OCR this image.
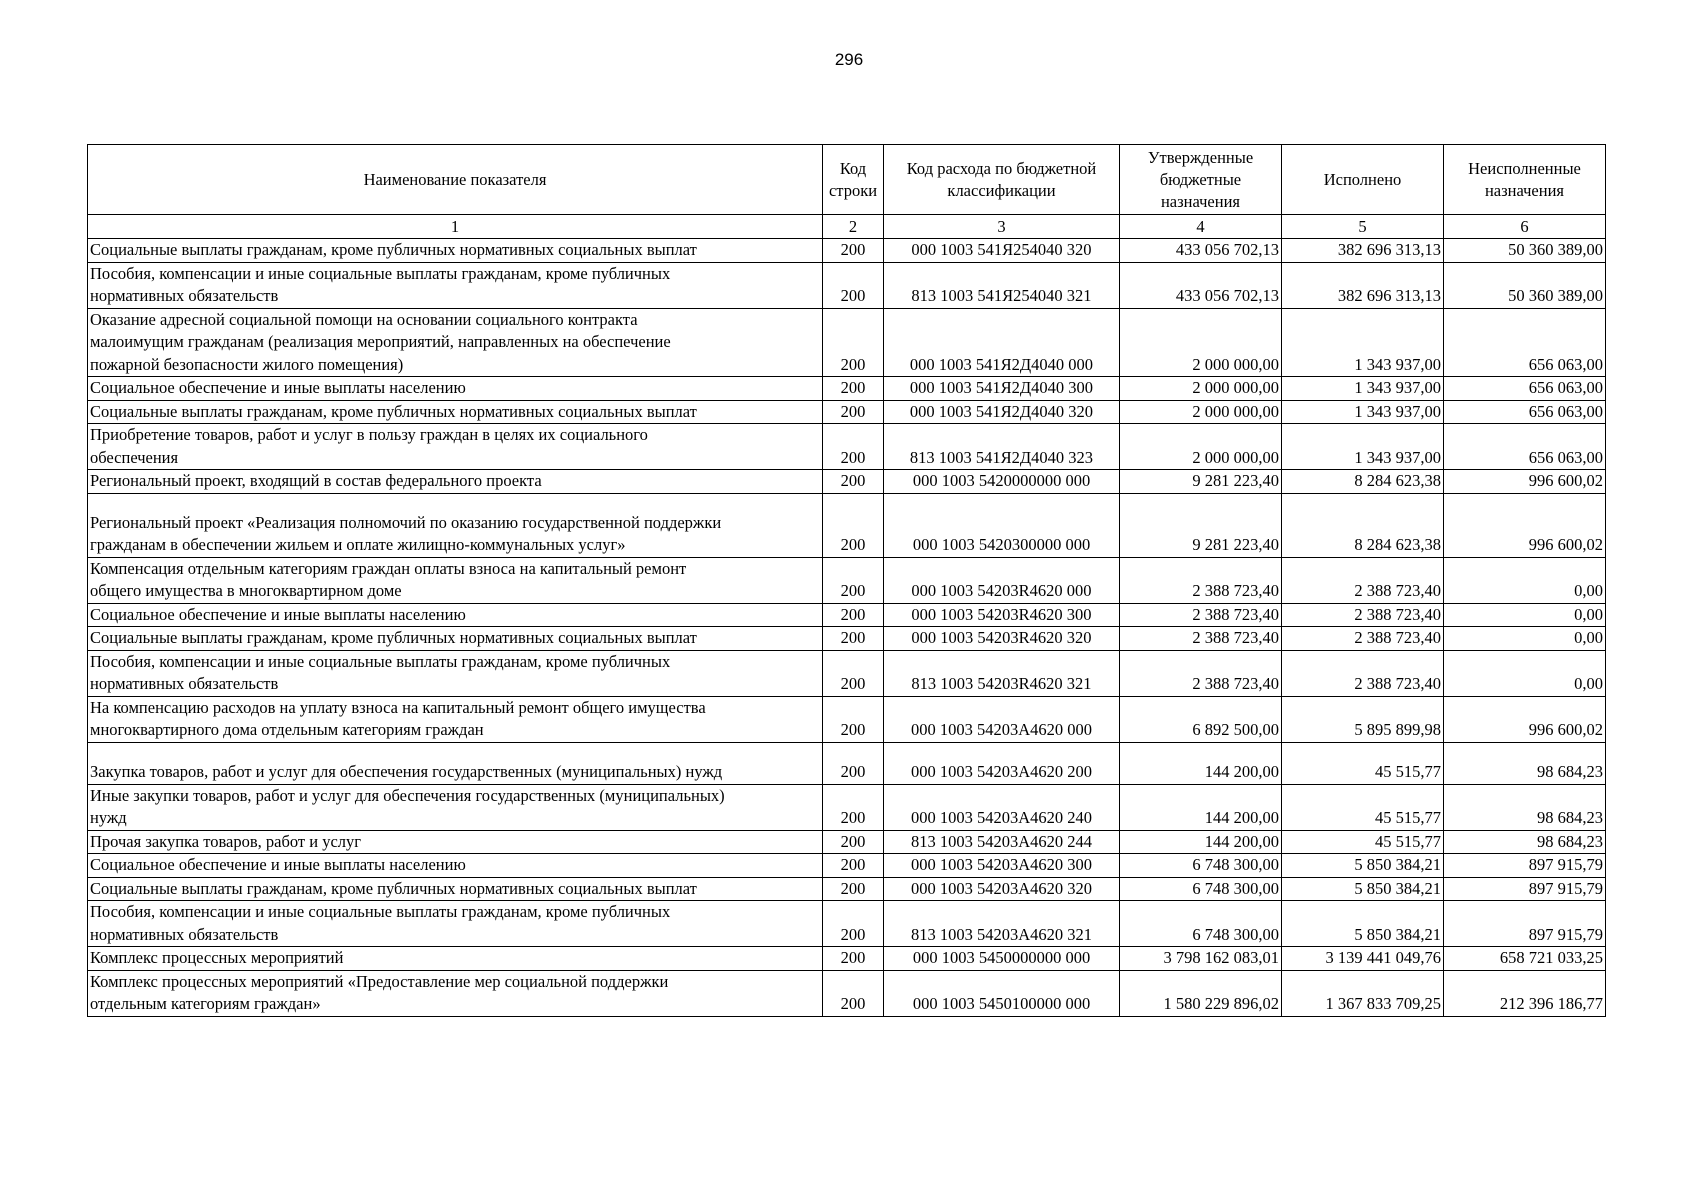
296
Наименование показателя	Код строки	Код расхода по бюджетной классификации	Утвержденные бюджетные назначения	Исполнено	Неисполненные назначения
1	2	3	4	5	6
Социальные выплаты гражданам, кроме публичных нормативных социальных выплат	200	000 1003 541Я254040 320	433 056 702,13	382 696 313,13	50 360 389,00
Пособия, компенсации и иные социальные выплаты гражданам, кроме публичных
нормативных обязательств	200	813 1003 541Я254040 321	433 056 702,13	382 696 313,13	50 360 389,00
Оказание адресной социальной помощи на основании социального контракта
малоимущим гражданам (реализация мероприятий, направленных на обеспечение
пожарной безопасности жилого помещения)	200	000 1003 541Я2Д4040 000	2 000 000,00	1 343 937,00	656 063,00
Социальное обеспечение и иные выплаты населению	200	000 1003 541Я2Д4040 300	2 000 000,00	1 343 937,00	656 063,00
Социальные выплаты гражданам, кроме публичных нормативных социальных выплат	200	000 1003 541Я2Д4040 320	2 000 000,00	1 343 937,00	656 063,00
Приобретение товаров, работ и услуг в пользу граждан в целях их социального
обеспечения	200	813 1003 541Я2Д4040 323	2 000 000,00	1 343 937,00	656 063,00
Региональный проект, входящий в состав федерального проекта	200	000 1003 5420000000 000	9 281 223,40	8 284 623,38	996 600,02
Региональный проект «Реализация полномочий по оказанию государственной поддержки
гражданам в обеспечении жильем и оплате жилищно-коммунальных услуг»	200	000 1003 5420300000 000	9 281 223,40	8 284 623,38	996 600,02
Компенсация отдельным категориям граждан оплаты взноса на капитальный ремонт
общего имущества в многоквартирном доме	200	000 1003 54203R4620 000	2 388 723,40	2 388 723,40	0,00
Социальное обеспечение и иные выплаты населению	200	000 1003 54203R4620 300	2 388 723,40	2 388 723,40	0,00
Социальные выплаты гражданам, кроме публичных нормативных социальных выплат	200	000 1003 54203R4620 320	2 388 723,40	2 388 723,40	0,00
Пособия, компенсации и иные социальные выплаты гражданам, кроме публичных
нормативных обязательств	200	813 1003 54203R4620 321	2 388 723,40	2 388 723,40	0,00
На компенсацию расходов на уплату взноса на капитальный ремонт общего имущества
многоквартирного дома отдельным категориям граждан	200	000 1003 54203A4620 000	6 892 500,00	5 895 899,98	996 600,02
Закупка товаров, работ и услуг для обеспечения государственных (муниципальных) нужд	200	000 1003 54203A4620 200	144 200,00	45 515,77	98 684,23
Иные закупки товаров, работ и услуг для обеспечения государственных (муниципальных)
нужд	200	000 1003 54203A4620 240	144 200,00	45 515,77	98 684,23
Прочая закупка товаров, работ и услуг	200	813 1003 54203A4620 244	144 200,00	45 515,77	98 684,23
Социальное обеспечение и иные выплаты населению	200	000 1003 54203A4620 300	6 748 300,00	5 850 384,21	897 915,79
Социальные выплаты гражданам, кроме публичных нормативных социальных выплат	200	000 1003 54203A4620 320	6 748 300,00	5 850 384,21	897 915,79
Пособия, компенсации и иные социальные выплаты гражданам, кроме публичных
нормативных обязательств	200	813 1003 54203A4620 321	6 748 300,00	5 850 384,21	897 915,79
Комплекс процессных мероприятий	200	000 1003 5450000000 000	3 798 162 083,01	3 139 441 049,76	658 721 033,25
Комплекс процессных мероприятий «Предоставление мер социальной поддержки
отдельным категориям граждан»	200	000 1003 5450100000 000	1 580 229 896,02	1 367 833 709,25	212 396 186,77
